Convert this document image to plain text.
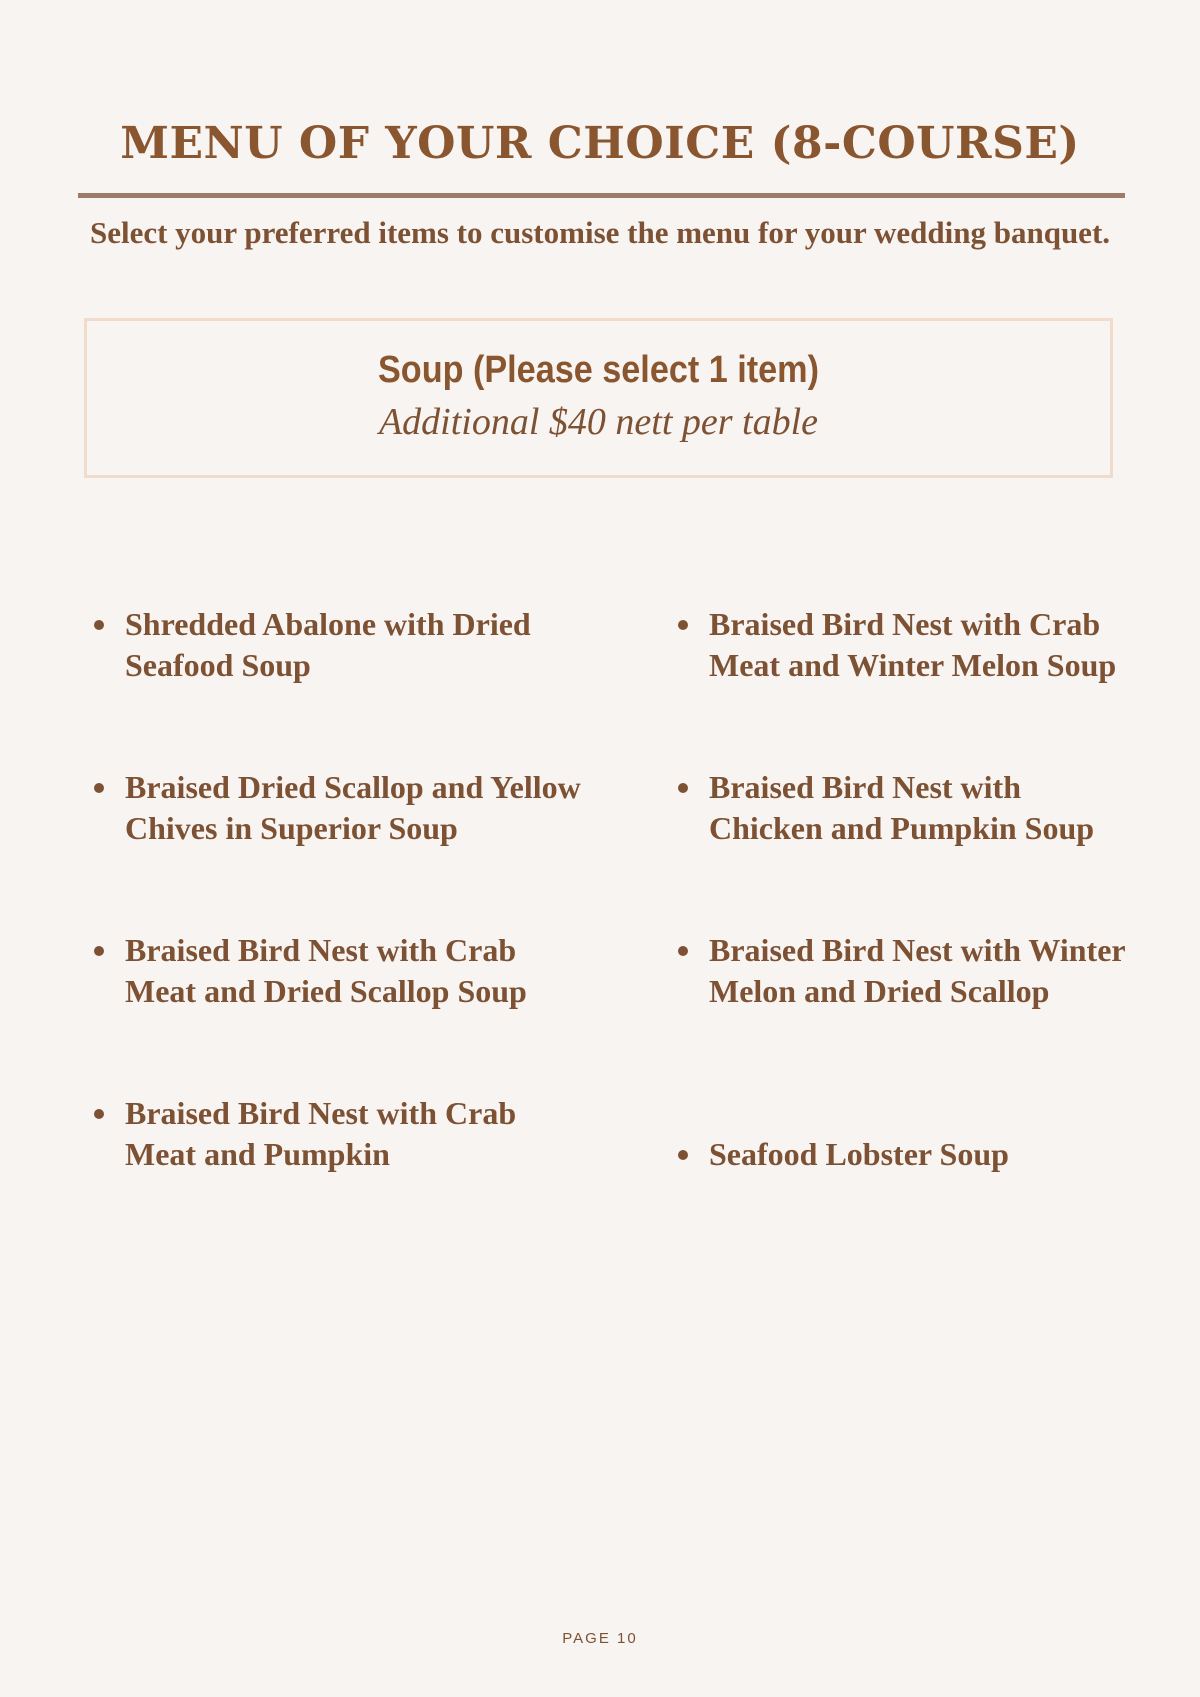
MENU OF YOUR CHOICE (8-COURSE)
Select your preferred items to customise the menu for your wedding banquet.
Soup (Please select 1 item)
Additional $40 nett per table
Shredded Abalone with Dried Seafood Soup
Braised Dried Scallop and Yellow Chives in Superior Soup
Braised Bird Nest with Crab Meat and Dried Scallop Soup
Braised Bird Nest with Crab Meat and Pumpkin
Braised Bird Nest with Crab Meat and Winter Melon Soup
Braised Bird Nest with Chicken and Pumpkin Soup
Braised Bird Nest with Winter Melon and Dried Scallop
Seafood Lobster Soup
PAGE 10
